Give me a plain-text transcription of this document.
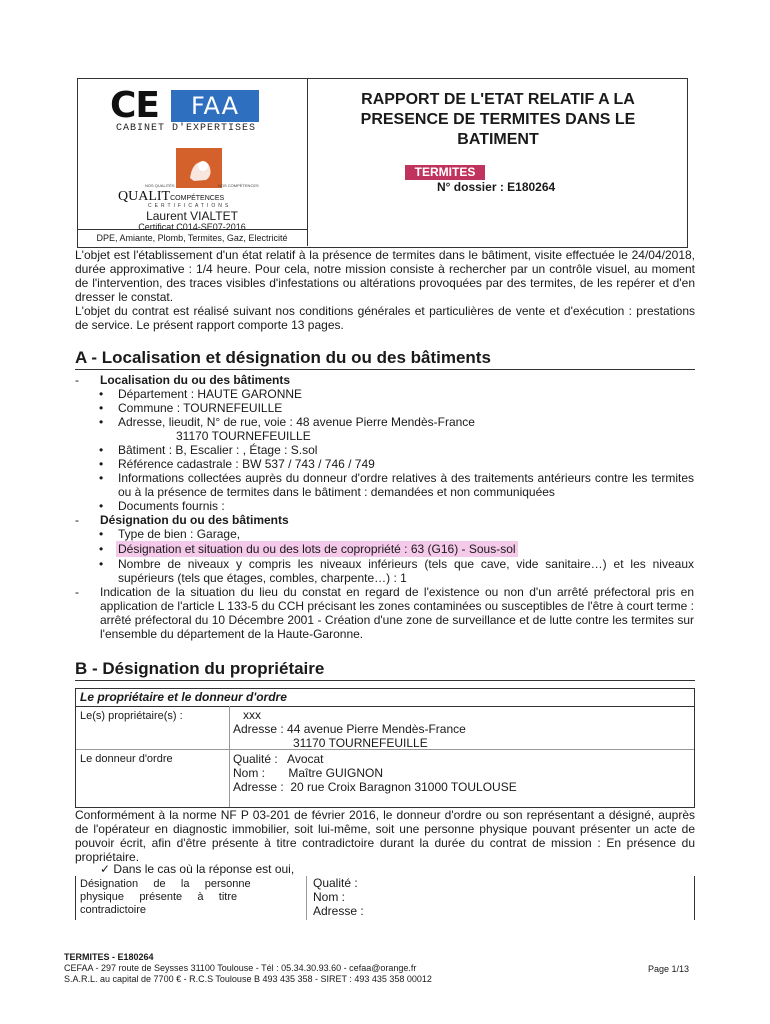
CE	FAA
CABINET D'EXPERTISES
NOS QUALITÉS	NOS COMPÉTENCES
QUALITCOMPÉTENCES
CERTIFICATIONS
Laurent VIALTET
Certificat C014-SE07-2016
DPE, Amiante, Plomb, Termites, Gaz, Electricité
RAPPORT DE L'ETAT RELATIF A LA
PRESENCE DE TERMITES DANS LE
BATIMENT
TERMITES
N° dossier : E180264
L'objet est l'établissement d'un état relatif à la présence de termites dans le bâtiment, visite effectuée le 24/04/2018, durée approximative : 1/4 heure. Pour cela, notre mission consiste à rechercher par un contrôle visuel, au moment de l'intervention, des traces visibles d'infestations ou altérations provoquées par des termites, de les repérer et d'en dresser le constat.
L'objet du contrat est réalisé suivant nos conditions générales et particulières de vente et d'exécution : prestations de service. Le présent rapport comporte 13 pages.
A - Localisation et désignation du ou des bâtiments
- Localisation du ou des bâtiments
• Département : HAUTE GARONNE
• Commune : TOURNEFEUILLE
• Adresse, lieudit, N° de rue, voie : 48 avenue Pierre Mendès-France
31170 TOURNEFEUILLE
• Bâtiment : B, Escalier : , Étage : S.sol
• Référence cadastrale : BW 537 / 743 / 746 / 749
• Informations collectées auprès du donneur d'ordre relatives à des traitements antérieurs contre les termites ou à la présence de termites dans le bâtiment : demandées et non communiquées
• Documents fournis :
- Désignation du ou des bâtiments
• Type de bien : Garage,
• Désignation et situation du ou des lots de copropriété : 63 (G16) - Sous-sol
• Nombre de niveaux y compris les niveaux inférieurs (tels que cave, vide sanitaire…) et les niveaux supérieurs (tels que étages, combles, charpente…) : 1
- Indication de la situation du lieu du constat en regard de l'existence ou non d'un arrêté préfectoral pris en application de l'article L 133-5 du CCH précisant les zones contaminées ou susceptibles de l'être à court terme : arrêté préfectoral du 10 Décembre 2001 - Création d'une zone de surveillance et de lutte contre les termites sur l'ensemble du département de la Haute-Garonne.
B - Désignation du propriétaire
Le propriétaire et le donneur d'ordre
Le(s) propriétaire(s) :	xxx
Adresse : 44 avenue Pierre Mendès-France
31170 TOURNEFEUILLE
Le donneur d'ordre	Qualité :   Avocat
Nom :       Maître GUIGNON
Adresse :  20 rue Croix Baragnon 31000 TOULOUSE
Conformément à la norme NF P 03-201 de février 2016, le donneur d'ordre ou son représentant a désigné, auprès de l'opérateur en diagnostic immobilier, soit lui-même, soit une personne physique pouvant présenter un acte de pouvoir écrit, afin d'être présente à titre contradictoire durant la durée du contrat de mission : En présence du propriétaire.
✓ Dans le cas où la réponse est oui,
Désignation     de     la     personne
physique     présente     à     titre
contradictoire
Qualité :
Nom :
Adresse :
TERMITES - E180264
CEFAA - 297 route de Seysses 31100 Toulouse - Tél : 05.34.30.93.60 - cefaa@orange.fr
S.A.R.L. au capital de 7700 € - R.C.S Toulouse B 493 435 358 - SIRET : 493 435 358 00012
Page 1/13
